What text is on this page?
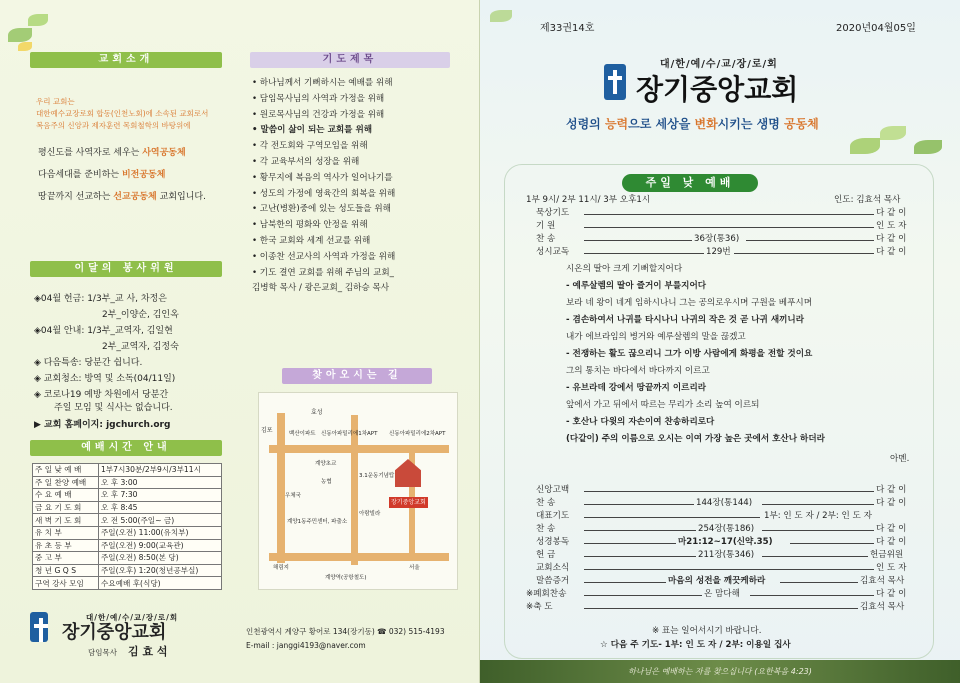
교회소개
우리 교회는
대한예수교장로회 합동(인천노회)에 소속된 교회로서
복음주의 신앙과 제자훈련 목회철학의 바탕위에
평신도를 사역자로 세우는 사역공동체
다음세대를 준비하는 비전공동체
땅끝까지 선교하는 선교공동체 교회입니다.
이달의 봉사위원
◈04월 헌금: 1/3부_교 사, 차정은
2부_이양순, 김인옥
◈04월 안내: 1/3부_교역자, 김일현
2부_교역자, 김정숙
◈ 다음특송: 당분간 쉽니다.
◈ 교회청소: 방역 및 소독(04/11일)
◈ 코로나19 예방 차원에서 당분간
주일 모임 및 식사는 없습니다.
▶ 교회 홈페이지: jgchurch.org
예배시간 안내
주 일 낮 예 배	1부7시30분/2부9시/3부11시
주 일 찬양 예배	오 후 3:00
수 요 예 배	오 후 7:30
금 요 기 도 회	오 후 8:45
새 벽 기 도 회	오 전 5:00(주일~ 금)
유 치 부	주일(오전) 11:00(유치부)
유 초 등 부	주일(오전) 9:00(교육관)
중 고 부	주일(오전) 8:50(본 당)
청 년 G Q S	주일(오후) 1:20(청년공부실)
구역 강사 모임	수요예배 후(식당)
기도제목
• 하나님께서 기뻐하시는 예배를 위해
• 담임목사님의 사역과 가정을 위해
• 원로목사님의 건강과 가정을 위해
• 말씀이 삶이 되는 교회를 위해
• 각 전도회와 구역모임을 위해
• 각 교육부서의 성장을 위해
• 황무지에 복음의 역사가 일어나기를
• 성도의 가정에 영육간의 회복을 위해
• 고난(병환)중에 있는 성도들을 위해
• 남북한의 평화와 안정을 위해
• 한국 교회와 세계 선교를 위해
• 이종찬 선교사의 사역과 가정을 위해
• 기도 결연 교회를 위해 주님의 교회_
김병학 목사 / 광은교회_ 김하승 목사
찾아오시는 길
효성
김포	백산이파트 신동아파밀리에1차APT 신동아파밀리에2차APT
계양초교
3.1운동기념탑
농협
우체국
아람빌라
계양1동주민센터, 파출소
장기중앙교회
해림지	서울
계양역(공항철도)
대/한/예/수/교/장/로/회
장기중앙교회
담임목사 김 효 석
인천광역시 계양구 황어로 134(장기동) ☎ 032) 515-4193
E-mail : janggi4193@naver.com
제33권14호	2020년04월05일
대/한/예/수/교/장/로/회
장기중앙교회
성령의 능력으로 세상을 변화시키는 생명 공동체
주일 낮 예배
1부 9시/ 2부 11시/ 3부 오후1시	인도: 김효석 목사
묵상기도	다 같 이
기 원	인 도 자
찬 송	36장(통36)	다 같 이
성시교독	129번	다 같 이
시온의 딸아 크게 기뻐할지어다
- 예루살렘의 딸아 즐거이 부를지어다
보라 네 왕이 네게 임하시나니 그는 공의로우시며 구원을 베푸시며
- 겸손하여서 나귀를 타시나니 나귀의 작은 것 곧 나귀 새끼니라
내가 에브라임의 병거와 예루살렘의 말을 끊겠고
- 전쟁하는 활도 끊으리니 그가 이방 사람에게 화평을 전할 것이요
그의 통치는 바다에서 바다까지 이르고
- 유브라데 강에서 땅끝까지 이르리라
앞에서 가고 뒤에서 따르는 무리가 소리 높여 이르되
- 호산나 다윗의 자손이여 찬송하리로다
(다같이) 주의 이름으로 오시는 이여 가장 높은 곳에서 호산나 하더라
아멘.
신앙고백	다 같 이
찬 송	144장(통144)	다 같 이
대표기도	1부: 인 도 자 / 2부: 인 도 자
찬 송	254장(통186)	다 같 이
성경봉독	마21:12~17(신약.35)	다 같 이
헌 금	211장(통346)	헌금위원
교회소식	인 도 자
말씀증거	마음의 성전을 깨끗케하라	김효석 목사
※폐회찬송	온 맘다해	다 같 이
※축 도	김효석 목사
※ 표는 일어서시기 바랍니다.
☆ 다음 주 기도- 1부: 인 도 자 / 2부: 이용일 집사
하나님은 예배하는 자를 찾으십니다 (요한복음 4:23)
